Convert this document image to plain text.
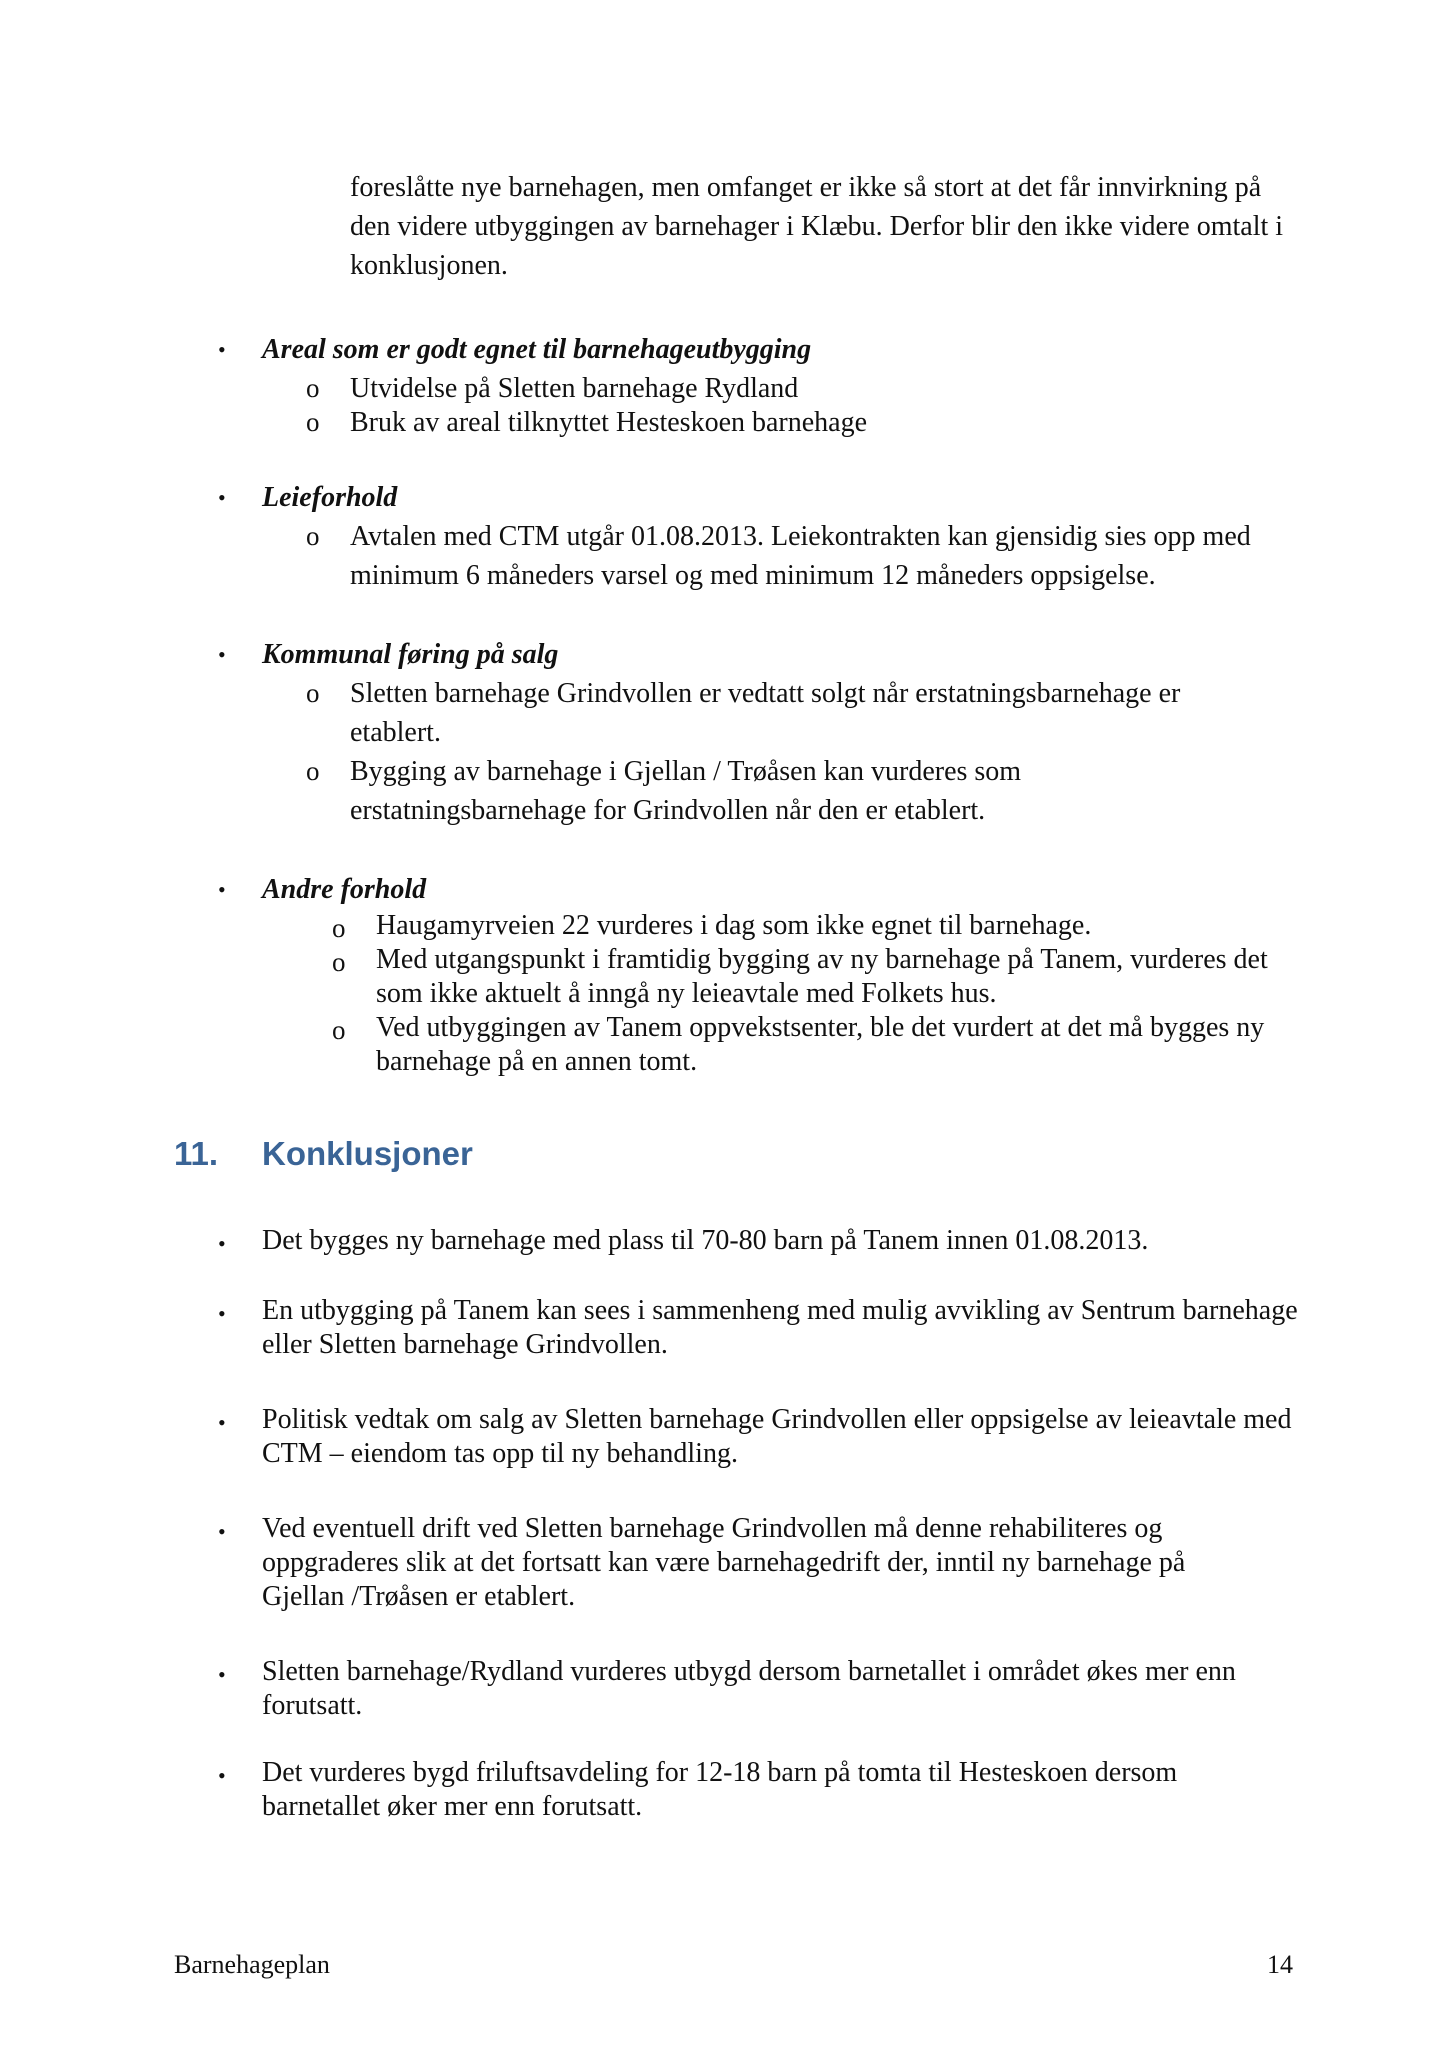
foreslåtte nye barnehagen, men omfanget er ikke så stort at det får innvirkning på den videre utbyggingen av barnehager i Klæbu. Derfor blir den ikke videre omtalt i konklusjonen.
• Areal som er godt egnet til barnehageutbygging
o Utvidelse på Sletten barnehage Rydland
o Bruk av areal tilknyttet Hesteskoen barnehage
• Leieforhold
o Avtalen med CTM utgår 01.08.2013. Leiekontrakten kan gjensidig sies opp med minimum 6 måneders varsel og med minimum 12 måneders oppsigelse.
• Kommunal føring på salg
o Sletten barnehage Grindvollen er vedtatt solgt når erstatningsbarnehage er etablert.
o Bygging av barnehage i Gjellan / Trøåsen kan vurderes som erstatningsbarnehage for Grindvollen når den er etablert.
• Andre forhold
o Haugamyrveien 22 vurderes i dag som ikke egnet til barnehage.
o Med utgangspunkt i framtidig bygging av ny barnehage på Tanem, vurderes det som ikke aktuelt å inngå ny leieavtale med Folkets hus.
o Ved utbyggingen av Tanem oppvekstsenter, ble det vurdert at det må bygges ny barnehage på en annen tomt.
11. Konklusjoner
• Det bygges ny barnehage med plass til 70-80 barn på Tanem innen 01.08.2013.
• En utbygging på Tanem kan sees i sammenheng med mulig avvikling av Sentrum barnehage eller Sletten barnehage Grindvollen.
• Politisk vedtak om salg av Sletten barnehage Grindvollen eller oppsigelse av leieavtale med CTM – eiendom tas opp til ny behandling.
• Ved eventuell drift ved Sletten barnehage Grindvollen må denne rehabiliteres og oppgraderes slik at det fortsatt kan være barnehagedrift der, inntil ny barnehage på Gjellan /Trøåsen er etablert.
• Sletten barnehage/Rydland vurderes utbygd dersom barnetallet i området økes mer enn forutsatt.
• Det vurderes bygd friluftsavdeling for 12-18 barn på tomta til Hesteskoen dersom barnetallet øker mer enn forutsatt.
Barnehageplan	14
